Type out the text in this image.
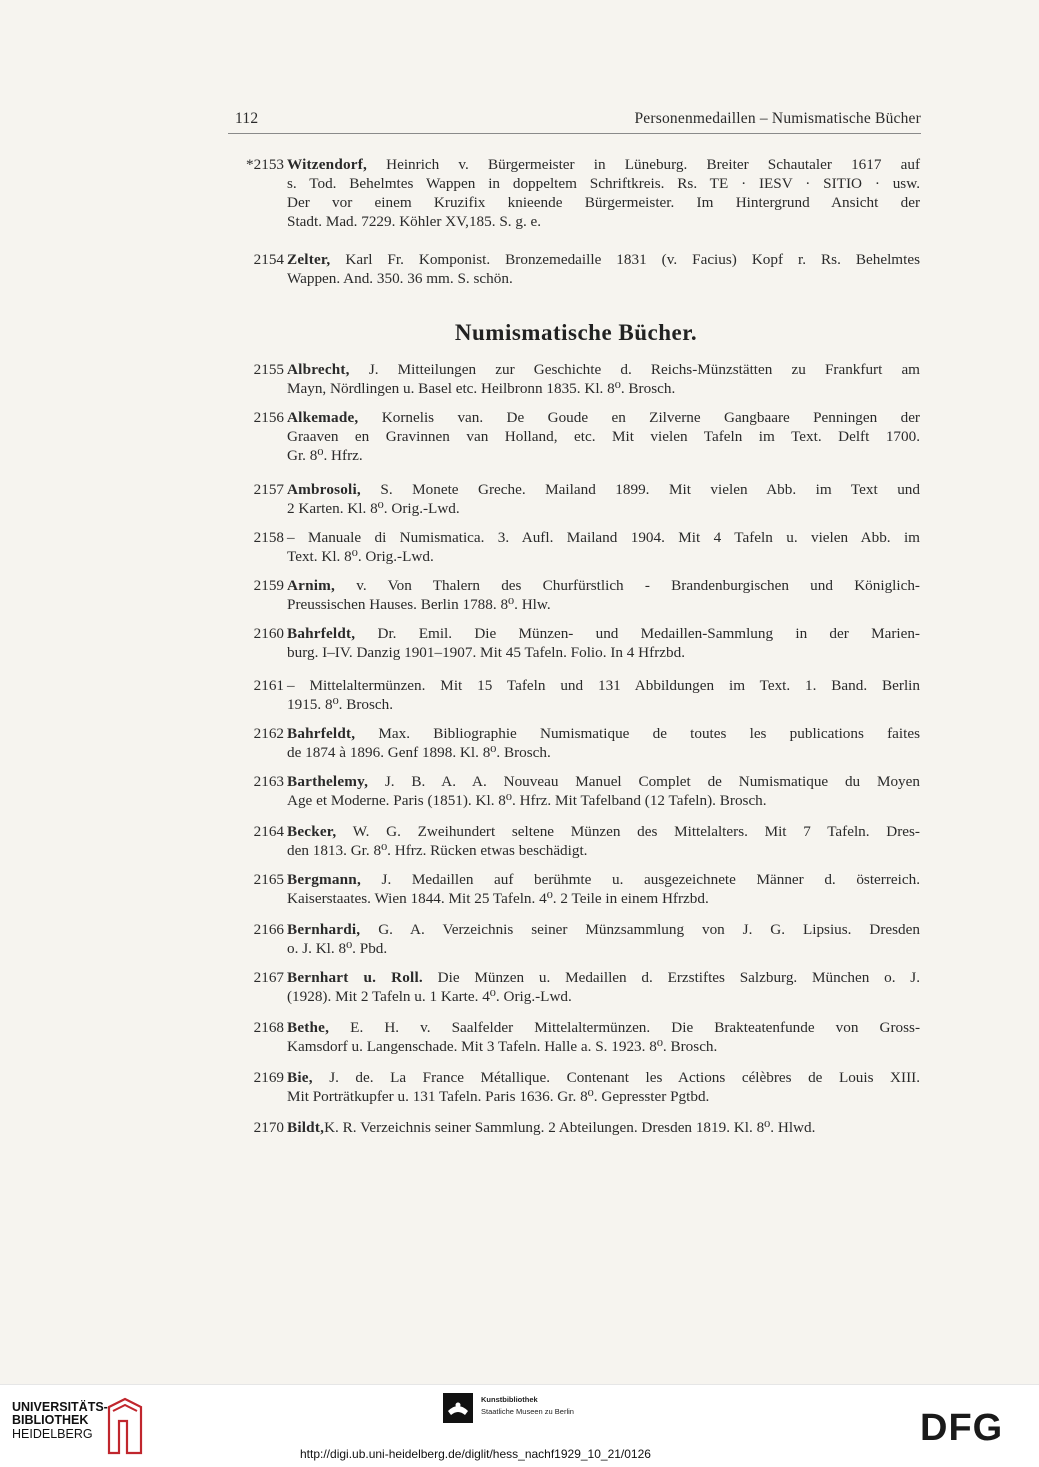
112	Personenmedaillen – Numismatische Bücher
Numismatische Bücher.
*2153 Witzendorf, Heinrich v. Bürgermeister in Lüneburg. Breiter Schautaler 1617 auf
s. Tod. Behelmtes Wappen in doppeltem Schriftkreis. Rs. TE · IESV · SITIO · usw.
Der vor einem Kruzifix knieende Bürgermeister. Im Hintergrund Ansicht der
Stadt. Mad. 7229. Köhler XV,185. S. g. e.
2154 Zelter, Karl Fr. Komponist. Bronzemedaille 1831 (v. Facius) Kopf r. Rs. Behelmtes
Wappen. And. 350. 36 mm. S. schön.
2155 Albrecht, J. Mitteilungen zur Geschichte d. Reichs-Münzstätten zu Frankfurt am
Mayn, Nördlingen u. Basel etc. Heilbronn 1835. Kl. 8⁰. Brosch.
2156 Alkemade, Kornelis van. De Goude en Zilverne Gangbaare Penningen der
Graaven en Gravinnen van Holland, etc. Mit vielen Tafeln im Text. Delft 1700.
Gr. 8⁰. Hfrz.
2157 Ambrosoli, S. Monete Greche. Mailand 1899. Mit vielen Abb. im Text und
2 Karten. Kl. 8⁰. Orig.-Lwd.
2158 – Manuale di Numismatica. 3. Aufl. Mailand 1904. Mit 4 Tafeln u. vielen Abb. im
Text. Kl. 8⁰. Orig.-Lwd.
2159 Arnim, v. Von Thalern des Churfürstlich - Brandenburgischen und Königlich-
Preussischen Hauses. Berlin 1788. 8⁰. Hlw.
2160 Bahrfeldt, Dr. Emil. Die Münzen- und Medaillen-Sammlung in der Marien-
burg. I–IV. Danzig 1901–1907. Mit 45 Tafeln. Folio. In 4 Hfrzbd.
2161 – Mittelaltermünzen. Mit 15 Tafeln und 131 Abbildungen im Text. 1. Band. Berlin
1915. 8⁰. Brosch.
2162 Bahrfeldt, Max. Bibliographie Numismatique de toutes les publications faites
de 1874 à 1896. Genf 1898. Kl. 8⁰. Brosch.
2163 Barthelemy, J. B. A. A. Nouveau Manuel Complet de Numismatique du Moyen
Age et Moderne. Paris (1851). Kl. 8⁰. Hfrz. Mit Tafelband (12 Tafeln). Brosch.
2164 Becker, W. G. Zweihundert seltene Münzen des Mittelalters. Mit 7 Tafeln. Dres-
den 1813. Gr. 8⁰. Hfrz. Rücken etwas beschädigt.
2165 Bergmann, J. Medaillen auf berühmte u. ausgezeichnete Männer d. österreich.
Kaiserstaates. Wien 1844. Mit 25 Tafeln. 4⁰. 2 Teile in einem Hfrzbd.
2166 Bernhardi, G. A. Verzeichnis seiner Münzsammlung von J. G. Lipsius. Dresden
o. J. Kl. 8⁰. Pbd.
2167 Bernhart u. Roll. Die Münzen u. Medaillen d. Erzstiftes Salzburg. München o. J.
(1928). Mit 2 Tafeln u. 1 Karte. 4⁰. Orig.-Lwd.
2168 Bethe, E. H. v. Saalfelder Mittelaltermünzen. Die Brakteatenfunde von Gross-
Kamsdorf u. Langenschade. Mit 3 Tafeln. Halle a. S. 1923. 8⁰. Brosch.
2169 Bie, J. de. La France Métallique. Contenant les Actions célèbres de Louis XIII.
Mit Porträtkupfer u. 131 Tafeln. Paris 1636. Gr. 8⁰. Gepresster Pgtbd.
2170 Bildt,K. R. Verzeichnis seiner Sammlung. 2 Abteilungen. Dresden 1819. Kl. 8⁰. Hlwd.
UNIVERSITÄTS-
BIBLIOTHEK
HEIDELBERG
Kunstbibliothek
Staatliche Museen zu Berlin	DFG
http://digi.ub.uni-heidelberg.de/diglit/hess_nachf1929_10_21/0126
